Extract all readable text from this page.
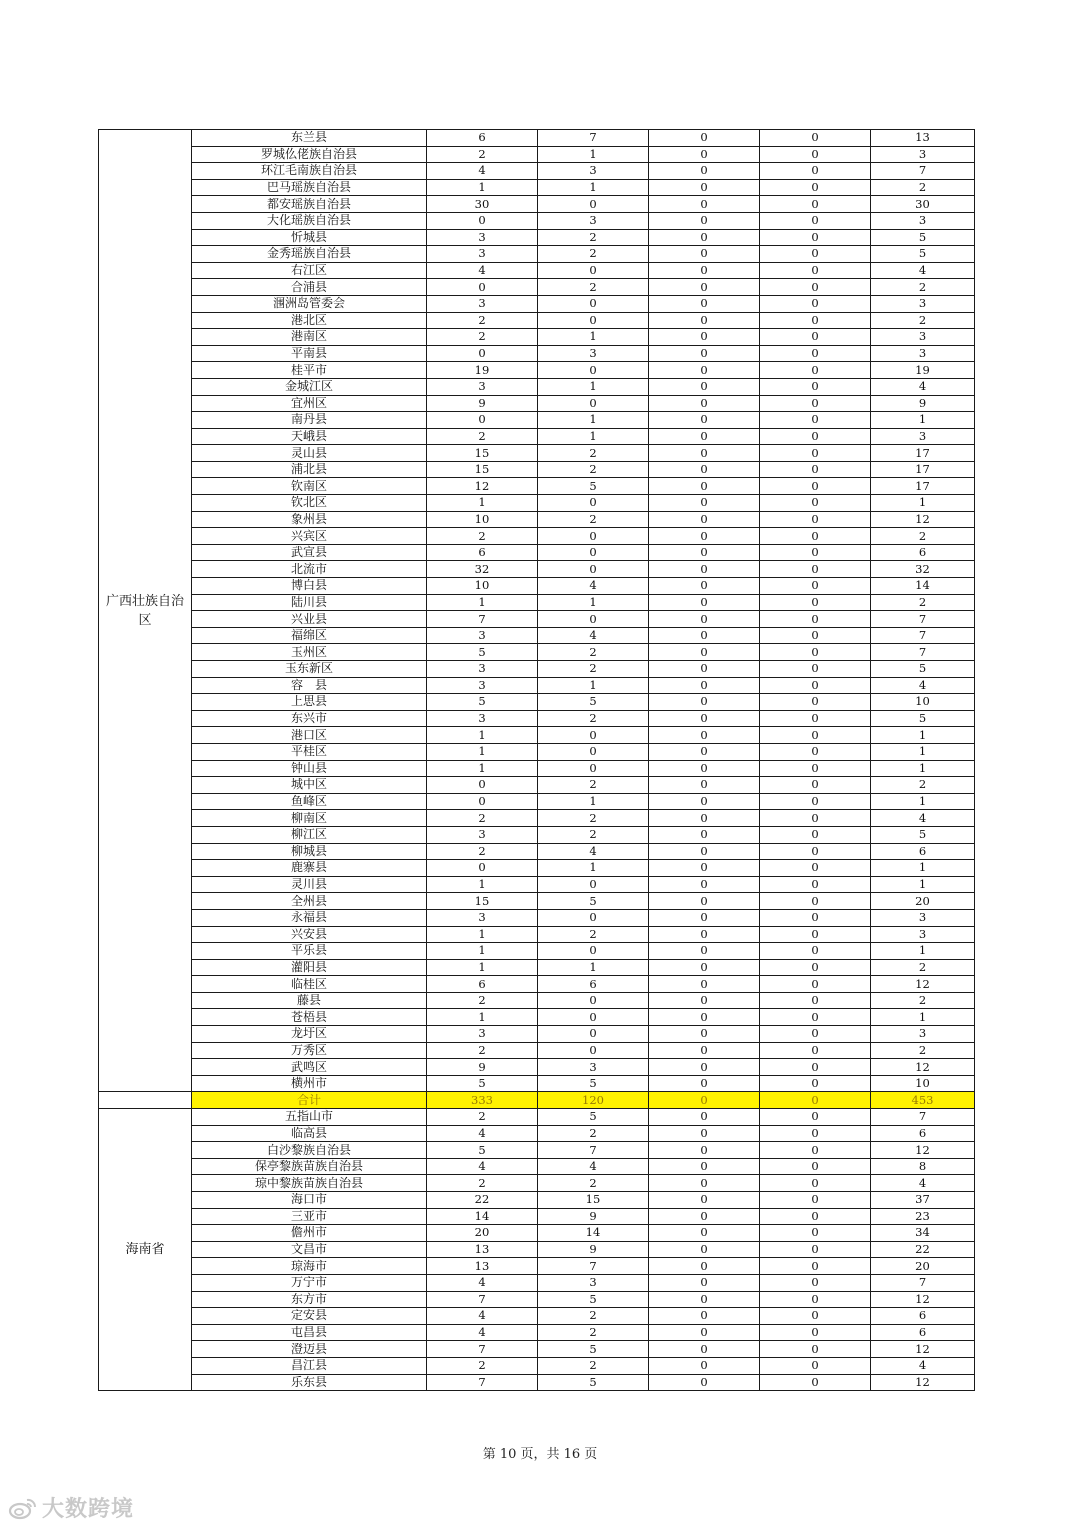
广西壮族自治区	东兰县	6	7	0	0	13
	罗城仫佬族自治县	2	1	0	0	3
	环江毛南族自治县	4	3	0	0	7
	巴马瑶族自治县	1	1	0	0	2
	都安瑶族自治县	30	0	0	0	30
	大化瑶族自治县	0	3	0	0	3
	忻城县	3	2	0	0	5
	金秀瑶族自治县	3	2	0	0	5
	右江区	4	0	0	0	4
	合浦县	0	2	0	0	2
	涠洲岛管委会	3	0	0	0	3
	港北区	2	0	0	0	2
	港南区	2	1	0	0	3
	平南县	0	3	0	0	3
	桂平市	19	0	0	0	19
	金城江区	3	1	0	0	4
	宜州区	9	0	0	0	9
	南丹县	0	1	0	0	1
	天峨县	2	1	0	0	3
	灵山县	15	2	0	0	17
	浦北县	15	2	0	0	17
	钦南区	12	5	0	0	17
	钦北区	1	0	0	0	1
	象州县	10	2	0	0	12
	兴宾区	2	0	0	0	2
	武宣县	6	0	0	0	6
	北流市	32	0	0	0	32
	博白县	10	4	0	0	14
	陆川县	1	1	0	0	2
	兴业县	7	0	0	0	7
	福绵区	3	4	0	0	7
	玉州区	5	2	0	0	7
	玉东新区	3	2	0	0	5
	容　县	3	1	0	0	4
	上思县	5	5	0	0	10
	东兴市	3	2	0	0	5
	港口区	1	0	0	0	1
	平桂区	1	0	0	0	1
	钟山县	1	0	0	0	1
	城中区	0	2	0	0	2
	鱼峰区	0	1	0	0	1
	柳南区	2	2	0	0	4
	柳江区	3	2	0	0	5
	柳城县	2	4	0	0	6
	鹿寨县	0	1	0	0	1
	灵川县	1	0	0	0	1
	全州县	15	5	0	0	20
	永福县	3	0	0	0	3
	兴安县	1	2	0	0	3
	平乐县	1	0	0	0	1
	灌阳县	1	1	0	0	2
	临桂区	6	6	0	0	12
	藤县	2	0	0	0	2
	苍梧县	1	0	0	0	1
	龙圩区	3	0	0	0	3
	万秀区	2	0	0	0	2
	武鸣区	9	3	0	0	12
	横州市	5	5	0	0	10
	合计	333	120	0	0	453
海南省	五指山市	2	5	0	0	7
	临高县	4	2	0	0	6
	白沙黎族自治县	5	7	0	0	12
	保亭黎族苗族自治县	4	4	0	0	8
	琼中黎族苗族自治县	2	2	0	0	4
	海口市	22	15	0	0	37
	三亚市	14	9	0	0	23
	儋州市	20	14	0	0	34
	文昌市	13	9	0	0	22
	琼海市	13	7	0	0	20
	万宁市	4	3	0	0	7
	东方市	7	5	0	0	12
	定安县	4	2	0	0	6
	屯昌县	4	2	0	0	6
	澄迈县	7	5	0	0	12
	昌江县	2	2	0	0	4
	乐东县	7	5	0	0	12
第 10 页，共 16 页
大数跨境
